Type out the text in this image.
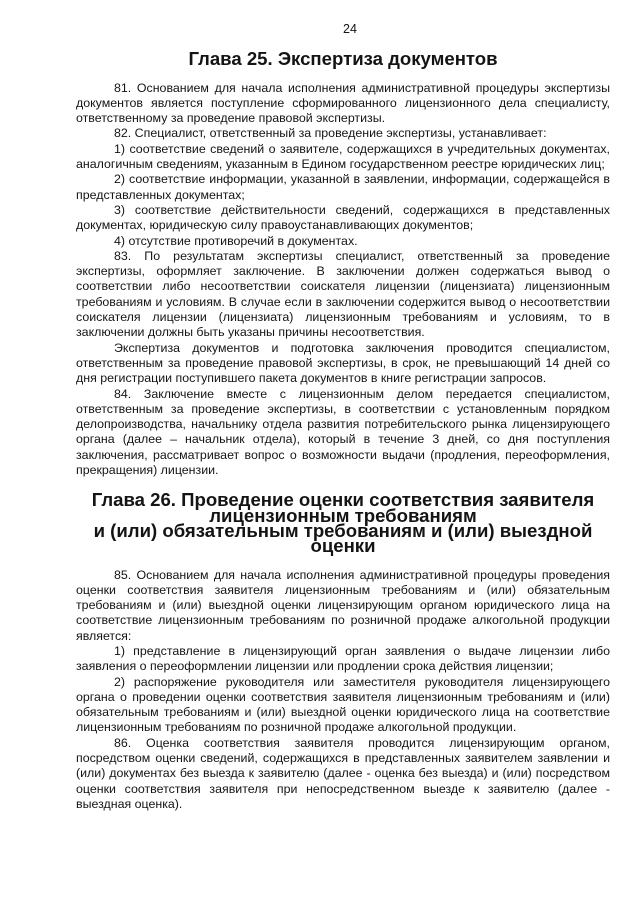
24
Глава 25. Экспертиза документов

81. Основанием для начала исполнения административной процедуры экспертизы документов является поступление сформированного лицензионного дела специалисту, ответственному за проведение правовой экспертизы.

82. Специалист, ответственный за проведение экспертизы, устанавливает:

1) соответствие сведений о заявителе, содержащихся в учредительных документах, аналогичным сведениям, указанным в Едином государственном реестре юридических лиц;

2) соответствие информации, указанной в заявлении, информации, содержащейся в представленных документах;

3) соответствие действительности сведений, содержащихся в представленных документах, юридическую силу правоустанавливающих документов;

4) отсутствие противоречий в документах.

83. По результатам экспертизы специалист, ответственный за проведение экспертизы, оформляет заключение. В заключении должен содержаться вывод о соответствии либо несоответствии соискателя лицензии (лицензиата) лицензионным требованиям и условиям. В случае если в заключении содержится вывод о несоответствии соискателя лицензии (лицензиата) лицензионным требованиям и условиям, то в заключении должны быть указаны причины несоответствия.

Экспертиза документов и подготовка заключения проводится специалистом, ответственным за проведение правовой экспертизы, в срок, не превышающий 14 дней со дня регистрации поступившего пакета документов в книге регистрации запросов.

84. Заключение вместе с лицензионным делом передается специалистом, ответственным за проведение экспертизы, в соответствии с установленным порядком делопроизводства, начальнику отдела развития потребительского рынка лицензирующего органа (далее – начальник отдела), который в течение 3 дней, со дня поступления заключения, рассматривает вопрос о возможности выдачи (продления, переоформления, прекращения) лицензии.

Глава 26. Проведение оценки соответствия заявителя лицензионным требованиям
и (или) обязательным требованиям и (или) выездной оценки

85. Основанием для начала исполнения административной процедуры проведения оценки соответствия заявителя лицензионным требованиям и (или) обязательным требованиям и (или) выездной оценки лицензирующим органом юридического лица на соответствие лицензионным требованиям по розничной продаже алкогольной продукции является:

1) представление в лицензирующий орган заявления о выдаче лицензии либо заявления о переоформлении лицензии или продлении срока действия лицензии;

2) распоряжение руководителя или заместителя руководителя лицензирующего органа о проведении оценки соответствия заявителя лицензионным требованиям и (или) обязательным требованиям и (или) выездной оценки юридического лица на соответствие лицензионным требованиям по розничной продаже алкогольной продукции.

86. Оценка соответствия заявителя проводится лицензирующим органом, посредством оценки сведений, содержащихся в представленных заявителем заявлении и (или) документах без выезда к заявителю (далее - оценка без выезда) и (или) посредством оценки соответствия заявителя при непосредственном выезде к заявителю (далее - выездная оценка).
